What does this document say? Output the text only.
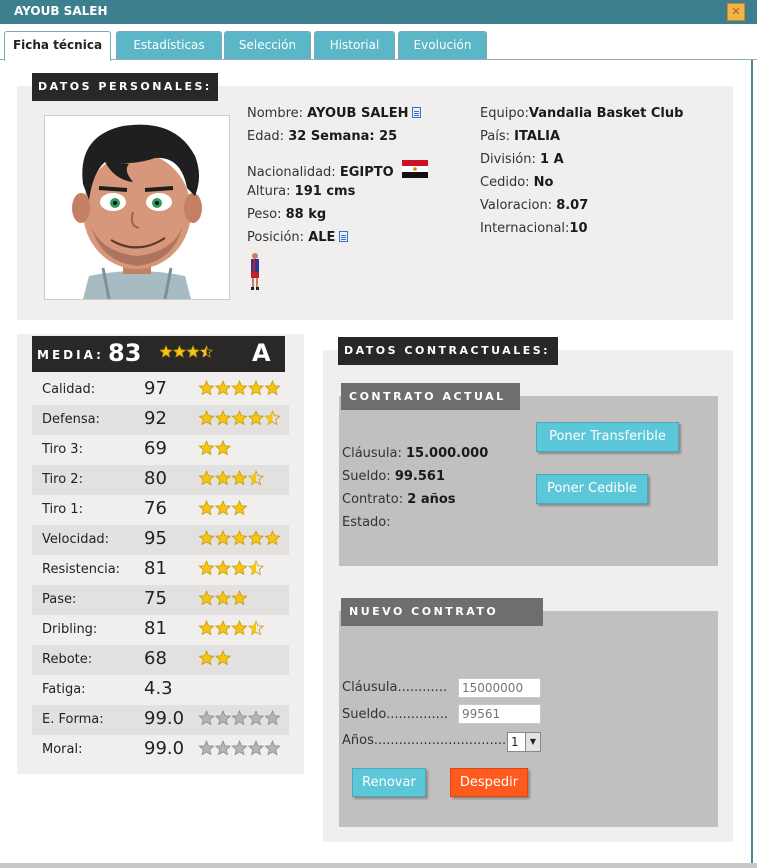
AYOUB SALEH	✕
Ficha técnica	Estadísticas	Selección	Historial	Evolución
DATOS PERSONALES:
Nombre: AYOUB SALEH
Edad: 32 Semana: 25
Nacionalidad: EGIPTO
Altura: 191 cms
Peso: 88 kg
Posición: ALE
Equipo:Vandalia Basket Club
País: ITALIA
División: 1 A
Cedido: No
Valoracion: 8.07
Internacional:10
MEDIA: 83	A
Calidad:	97
Defensa: 92
Tiro 3:	69
Tiro 2:	80
Tiro 1:	76
Velocidad: 95
Resistencia: 81
Pase:	75
Dribling:	81
Rebote:	68
Fatiga:	4.3
E. Forma: 99.0
Moral:	99.0
DATOS CONTRACTUALES:
CONTRATO ACTUAL
Cláusula: 15.000.000
Sueldo: 99.561
Contrato: 2 años
Estado:
Poner Transferible
Poner Cedible
NUEVO CONTRATO
Cláusula............
15000000
Sueldo...............
99561
Años................................ 1	▼
Renovar	Despedir
